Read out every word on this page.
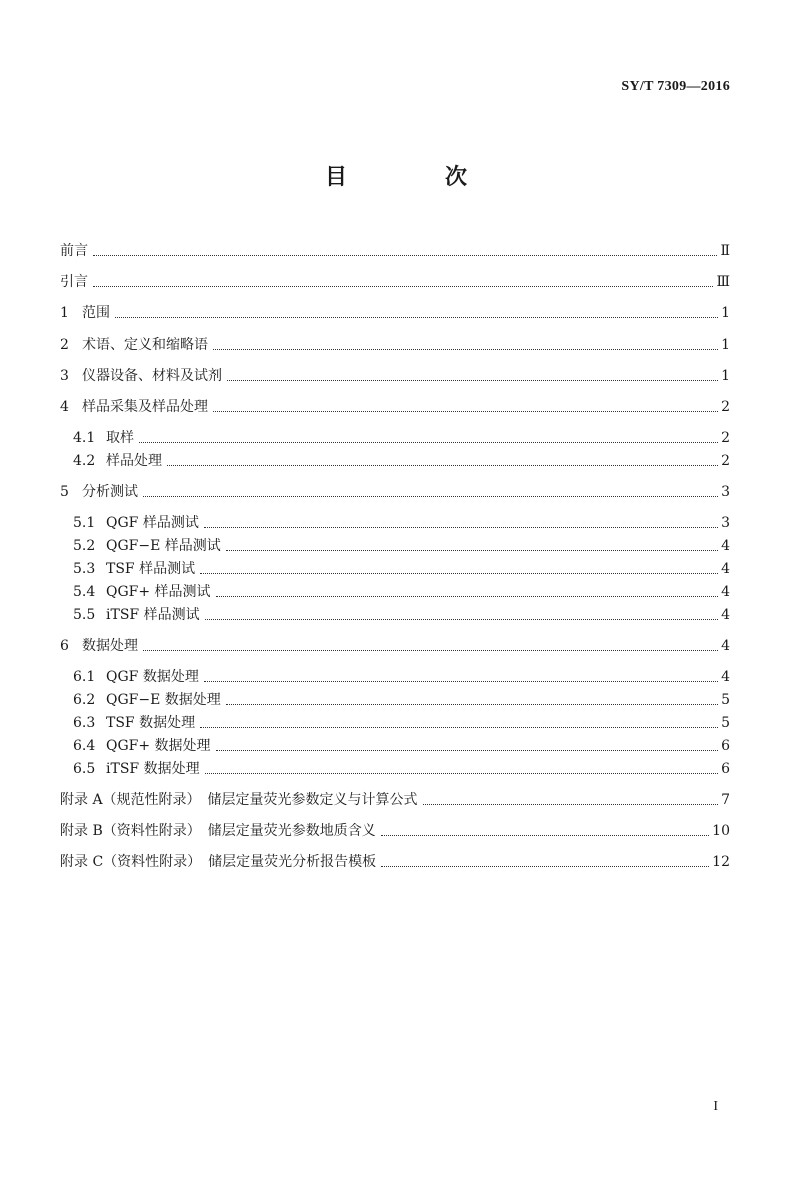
SY/T 7309—2016
目　次
前言	Ⅱ
引言	Ⅲ
1 范围	1
2 术语、定义和缩略语	1
3 仪器设备、材料及试剂	1
4 样品采集及样品处理	2
4.1 取样	2
4.2 样品处理	2
5 分析测试	3
5.1 QGF 样品测试	3
5.2 QGF−E 样品测试	4
5.3 TSF 样品测试	4
5.4 QGF+ 样品测试	4
5.5 iTSF 样品测试	4
6 数据处理	4
6.1 QGF 数据处理	4
6.2 QGF−E 数据处理	5
6.3 TSF 数据处理	5
6.4 QGF+ 数据处理	6
6.5 iTSF 数据处理	6
附录 A（规范性附录）　储层定量荧光参数定义与计算公式	7
附录 B（资料性附录）　储层定量荧光参数地质含义	10
附录 C（资料性附录）　储层定量荧光分析报告模板	12
I
